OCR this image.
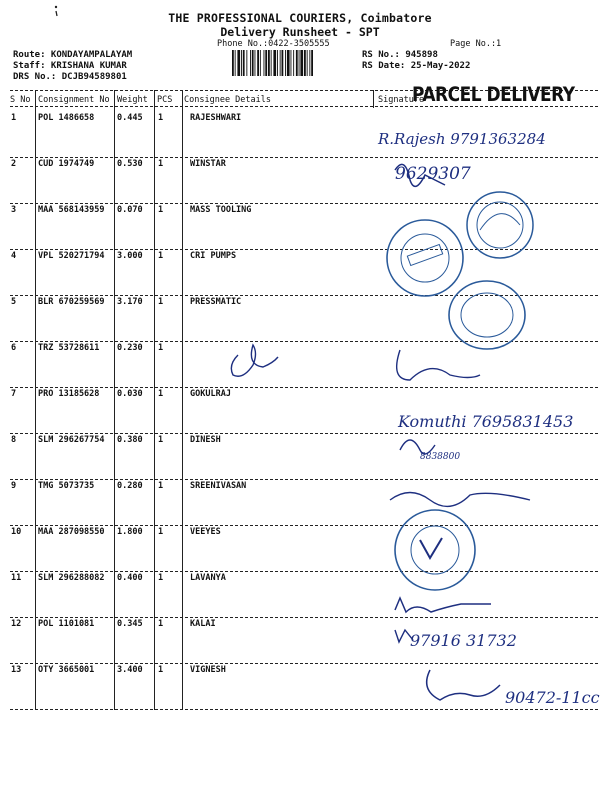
THE PROFESSIONAL COURIERS, Coimbatore
Delivery Runsheet - SPT
Phone No.:0422-3505555	Page No.:1
Route: KONDAYAMPALAYAM
Staff: KRISHANA KUMAR
DRS No.: DCJB94589801
RS No.: 945898
RS Date: 25-May-2022
S No Consignment No Weight PCS Consignee Details	Signature
PARCEL DELIVERY
1	POL 1486658	0.445 1	RAJESHWARI
2	CUD 1974749	0.530 1	WINSTAR
3	MAA 568143959 0.070 1	MASS TOOLING
4	VPL 520271794 3.000 1	CRI PUMPS
5	BLR 670259569 3.170 1	PRESSMATIC
6	TRZ 53728611 0.230 1
7	PRO 13185628 0.030 1	GOKULRAJ
8	SLM 296267754 0.380 1	DINESH
9	TMG 5073735	0.280 1	SREENIVASAN
10 MAA 287098550 1.800 1	VEEYES
11 SLM 296288082 0.400 1	LAVANYA
12 POL 1101081	0.345 1	KALAI
13 OTY 3665001	3.400 1	VIGNESH
R.Rajesh 9791363284
9629307
Komuthi 7695831453
8838800
97916 31732
90472-11cc
